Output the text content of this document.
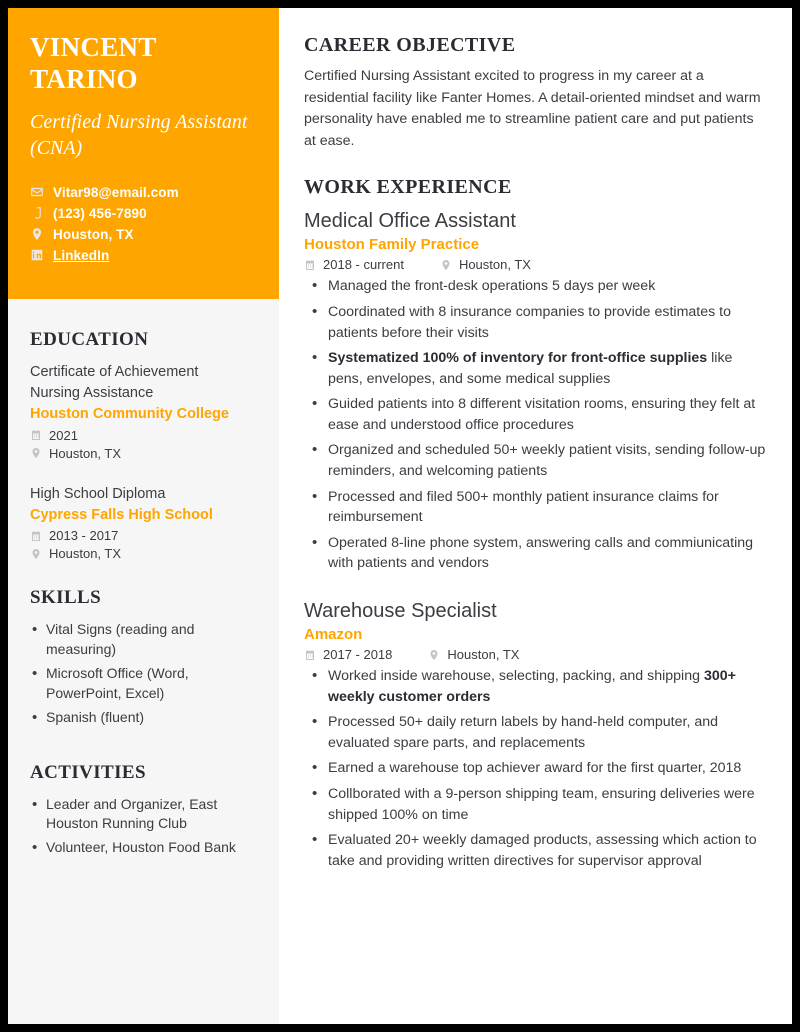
VINCENT TARINO
Certified Nursing Assistant (CNA)
Vitar98@email.com
(123) 456-7890
Houston, TX
LinkedIn
EDUCATION
Certificate of Achievement
Nursing Assistance
Houston Community College
2021
Houston, TX
High School Diploma
Cypress Falls High School
2013 - 2017
Houston, TX
SKILLS
• Vital Signs (reading and measuring)
• Microsoft Office (Word, PowerPoint, Excel)
• Spanish (fluent)
ACTIVITIES
• Leader and Organizer, East Houston Running Club
• Volunteer, Houston Food Bank
CAREER OBJECTIVE

Certified Nursing Assistant excited to progress in my career at a residential facility like Fanter Homes. A detail-oriented mindset and warm personality have enabled me to streamline patient care and put patients at ease.

WORK EXPERIENCE
Medical Office Assistant
Houston Family Practice
2018 - current	Houston, TX
• Managed the front-desk operations 5 days per week
• Coordinated with 8 insurance companies to provide estimates to patients before their visits
• Systematized 100% of inventory for front-office supplies like pens, envelopes, and some medical supplies
• Guided patients into 8 different visitation rooms, ensuring they felt at ease and understood office procedures
• Organized and scheduled 50+ weekly patient visits, sending follow-up reminders, and welcoming patients
• Processed and filed 500+ monthly patient insurance claims for reimbursement
• Operated 8-line phone system, answering calls and commiunicating with patients and vendors
Warehouse Specialist
Amazon
2017 - 2018	Houston, TX
• Worked inside warehouse, selecting, packing, and shipping 300+ weekly customer orders
• Processed 50+ daily return labels by hand-held computer, and evaluated spare parts, and replacements
• Earned a warehouse top achiever award for the first quarter, 2018
• Collborated with a 9-person shipping team, ensuring deliveries were shipped 100% on time
• Evaluated 20+ weekly damaged products, assessing which action to take and providing written directives for supervisor approval
